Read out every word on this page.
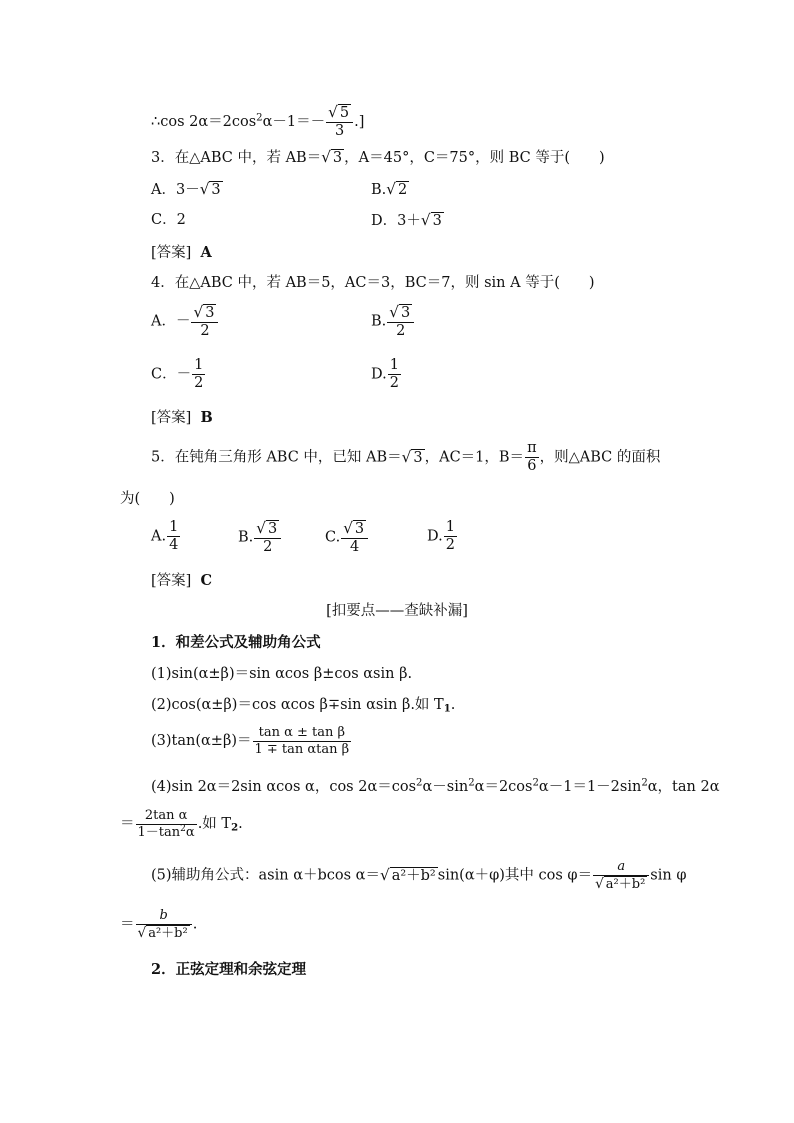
∴cos $2\alpha=2\cos^2\alpha-1=- \frac{√ 5}{3}$ .]
3．在△ABC 中，若 AB＝√ 3 ，A＝45°，C＝75°，则 BC 等于(　　)
A．3－√ 3	B.√ 2
C．2	D．3＋√ 3
[答案] A
4．在△ABC 中，若 AB＝5，AC＝3，BC＝7，则 sin A 等于(　　)
A．－ $\frac{√ 3}{2}$	B. $\frac{√ 3}{2}$
C．－ $\frac{1}{2}$	D. $\frac{1}{2}$
[答案] B
5．在钝角三角形 ABC 中，已知 AB＝√ 3 ，AC＝1，$B= \frac{\pi}{6}$ ，则△ABC 的面积
为(　　)
A. $\frac{1}{4}$	B. $\frac{√ 3}{2}$	C. $\frac{√ 3}{4}$	D. $\frac{1}{2}$
[答案] C
[扣要点——查缺补漏]
1．和差公式及辅助角公式
(1)sin(α±β)＝sin αcos β±cos αsin β.
(2)cos(α±β)＝cos αcos β∓sin αsin β.如 $T_1$.
$(3)\tan(\alpha\pm\beta)= \frac{\text{tan α ± tan β}}{\text{1 ∓ tan αtan β}}$
(4)sin 2α＝2sin αcos α，$\cos 2\alpha=\cos^2\alpha-\sin^2\alpha=2\cos^2\alpha-1=1-2\sin^2\alpha$，tan 2α
＝ $\frac{\text{2tan α}}{1-\tan^2\alpha}$ .如 $T_2$.
(5)辅助角公式：asin α＋bcos α＝√ a²＋b² sin(α＋φ)其中 $\cos \varphi= \frac{a}{\text{√ a²＋b²}}$ sin φ
＝ $\frac{b}{\text{√ a²＋b²}}$ .
2．正弦定理和余弦定理
